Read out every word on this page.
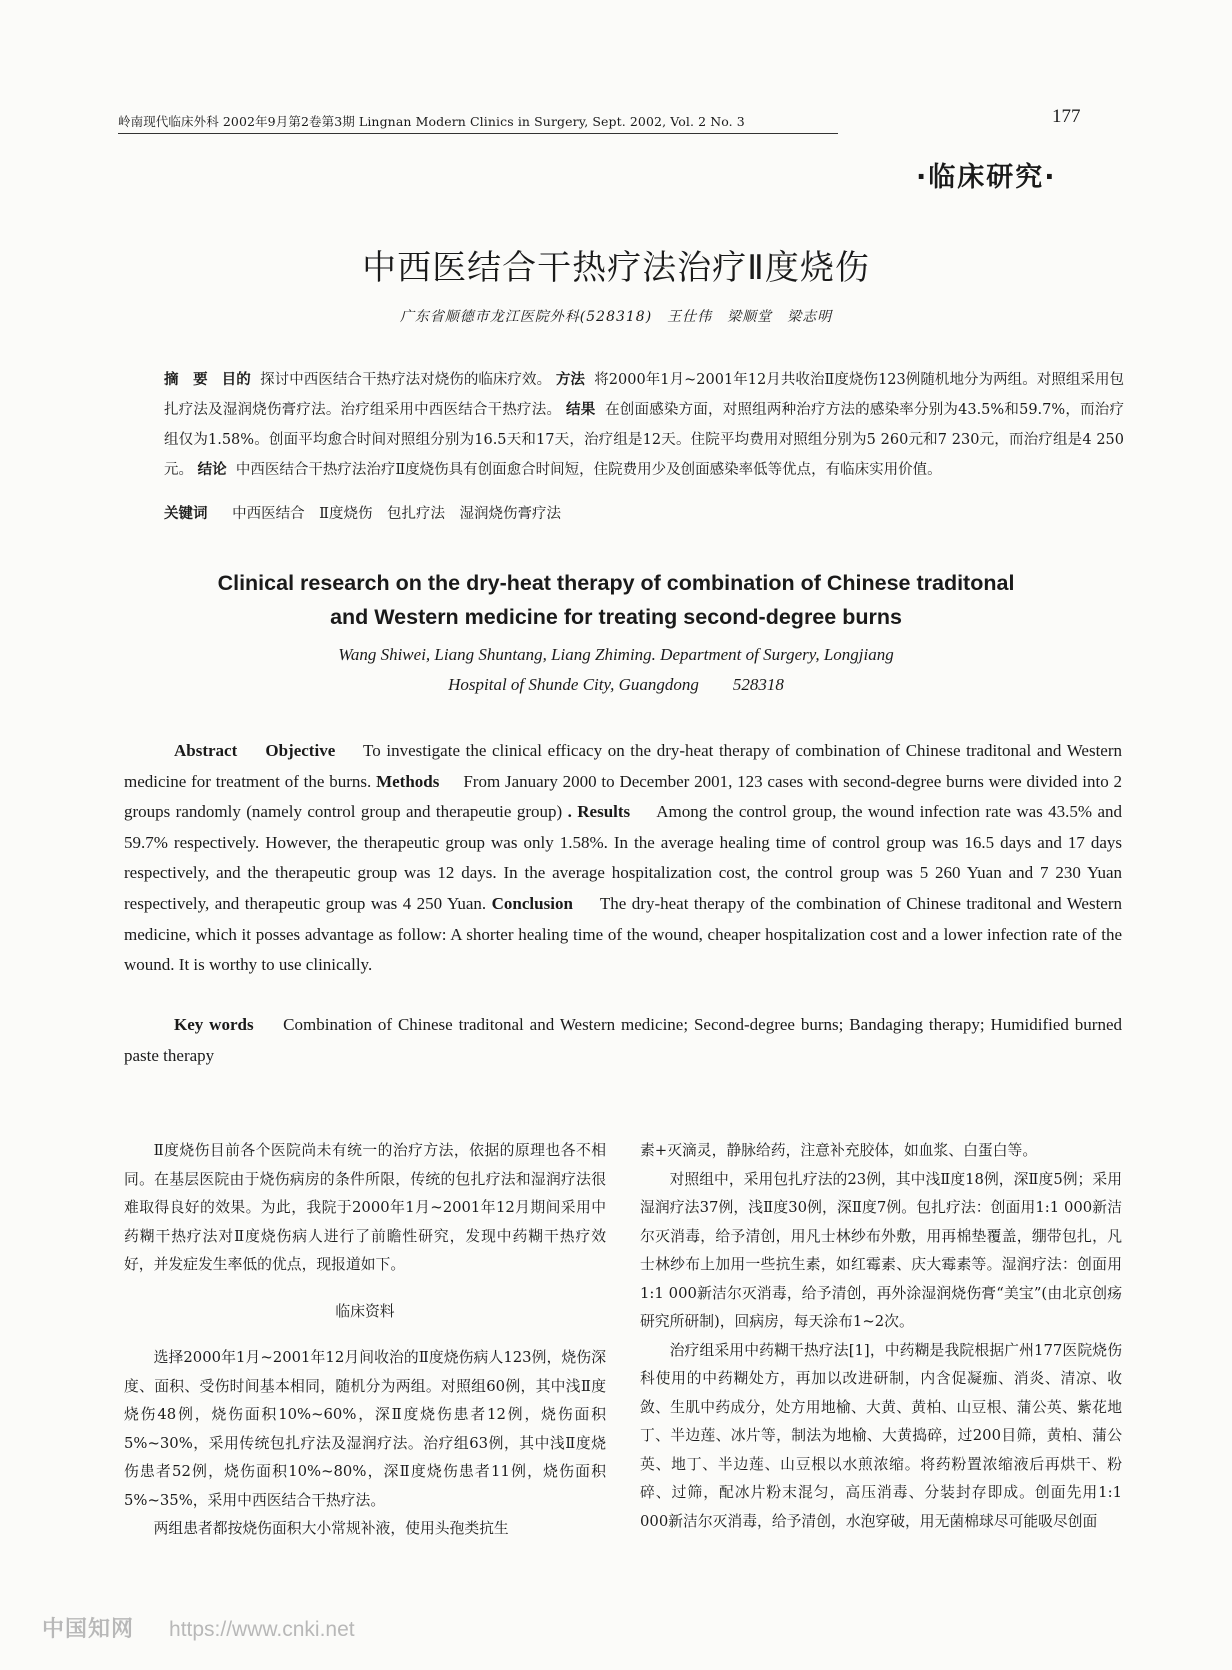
岭南现代临床外科 2002年9月第2卷第3期 Lingnan Modern Clinics in Surgery, Sept. 2002, Vol. 2 No. 3	177
·临床研究·
中西医结合干热疗法治疗Ⅱ度烧伤
广东省顺德市龙江医院外科(528318)　王仕伟　梁顺堂　梁志明
摘　要 目的 探讨中西医结合干热疗法对烧伤的临床疗效。 方法 将2000年1月~2001年12月共收治Ⅱ度烧伤123例随机地分为两组。对照组采用包扎疗法及湿润烧伤膏疗法。治疗组采用中西医结合干热疗法。 结果 在创面感染方面，对照组两种治疗方法的感染率分别为43.5%和59.7%，而治疗组仅为1.58%。创面平均愈合时间对照组分别为16.5天和17天，治疗组是12天。住院平均费用对照组分别为5 260元和7 230元，而治疗组是4 250元。 结论 中西医结合干热疗法治疗Ⅱ度烧伤具有创面愈合时间短，住院费用少及创面感染率低等优点，有临床实用价值。
关键词 中西医结合　Ⅱ度烧伤　包扎疗法　湿润烧伤膏疗法
Clinical research on the dry-heat therapy of combination of Chinese traditonal
and Western medicine for treating second-degree burns
Wang Shiwei, Liang Shuntang, Liang Zhiming. Department of Surgery, Longjiang
Hospital of Shunde City, Guangdong　　528318
Abstract Objective To investigate the clinical efficacy on the dry-heat therapy of combination of Chinese traditonal and Western medicine for treatment of the burns. Methods From January 2000 to December 2001, 123 cases with second-degree burns were divided into 2 groups randomly (namely control group and therapeutie group) . Results Among the control group, the wound infection rate was 43.5% and 59.7% respectively. However, the therapeutic group was only 1.58%. In the average healing time of control group was 16.5 days and 17 days respectively, and the therapeutic group was 12 days. In the average hospitalization cost, the control group was 5 260 Yuan and 7 230 Yuan respectively, and therapeutic group was 4 250 Yuan. Conclusion The dry-heat therapy of the combination of Chinese traditonal and Western medicine, which it posses advantage as follow: A shorter healing time of the wound, cheaper hospitalization cost and a lower infection rate of the wound. It is worthy to use clinically.
Key words Combination of Chinese traditonal and Western medicine; Second-degree burns; Bandaging therapy; Humidified burned paste therapy

Ⅱ度烧伤目前各个医院尚未有统一的治疗方法，依据的原理也各不相同。在基层医院由于烧伤病房的条件所限，传统的包扎疗法和湿润疗法很难取得良好的效果。为此，我院于2000年1月~2001年12月期间采用中药糊干热疗法对Ⅱ度烧伤病人进行了前瞻性研究，发现中药糊干热疗效好，并发症发生率低的优点，现报道如下。

临床资料

选择2000年1月~2001年12月间收治的Ⅱ度烧伤病人123例，烧伤深度、面积、受伤时间基本相同，随机分为两组。对照组60例，其中浅Ⅱ度烧伤48例，烧伤面积10%~60%，深Ⅱ度烧伤患者12例，烧伤面积5%~30%，采用传统包扎疗法及湿润疗法。治疗组63例，其中浅Ⅱ度烧伤患者52例，烧伤面积10%~80%，深Ⅱ度烧伤患者11例，烧伤面积5%~35%，采用中西医结合干热疗法。

两组患者都按烧伤面积大小常规补液，使用头孢类抗生

素+灭滴灵，静脉给药，注意补充胶体，如血浆、白蛋白等。

对照组中，采用包扎疗法的23例，其中浅Ⅱ度18例，深Ⅱ度5例；采用湿润疗法37例，浅Ⅱ度30例，深Ⅱ度7例。包扎疗法：创面用1:1 000新洁尔灭消毒，给予清创，用凡士林纱布外敷，用再棉垫覆盖，绷带包扎，凡士林纱布上加用一些抗生素，如红霉素、庆大霉素等。湿润疗法：创面用1:1 000新洁尔灭消毒，给予清创，再外涂湿润烧伤膏“美宝”(由北京创疡研究所研制)，回病房，每天涂布1~2次。

治疗组采用中药糊干热疗法[1]，中药糊是我院根据广州177医院烧伤科使用的中药糊处方，再加以改进研制，内含促凝痂、消炎、清凉、收敛、生肌中药成分，处方用地榆、大黄、黄柏、山豆根、蒲公英、紫花地丁、半边莲、冰片等，制法为地榆、大黄捣碎，过200目筛，黄柏、蒲公英、地丁、半边莲、山豆根以水煎浓缩。将药粉置浓缩液后再烘干、粉碎、过筛，配冰片粉末混匀，高压消毒、分装封存即成。创面先用1:1 000新洁尔灭消毒，给予清创，水泡穿破，用无菌棉球尽可能吸尽创面

中国知网 https://www.cnki.net
